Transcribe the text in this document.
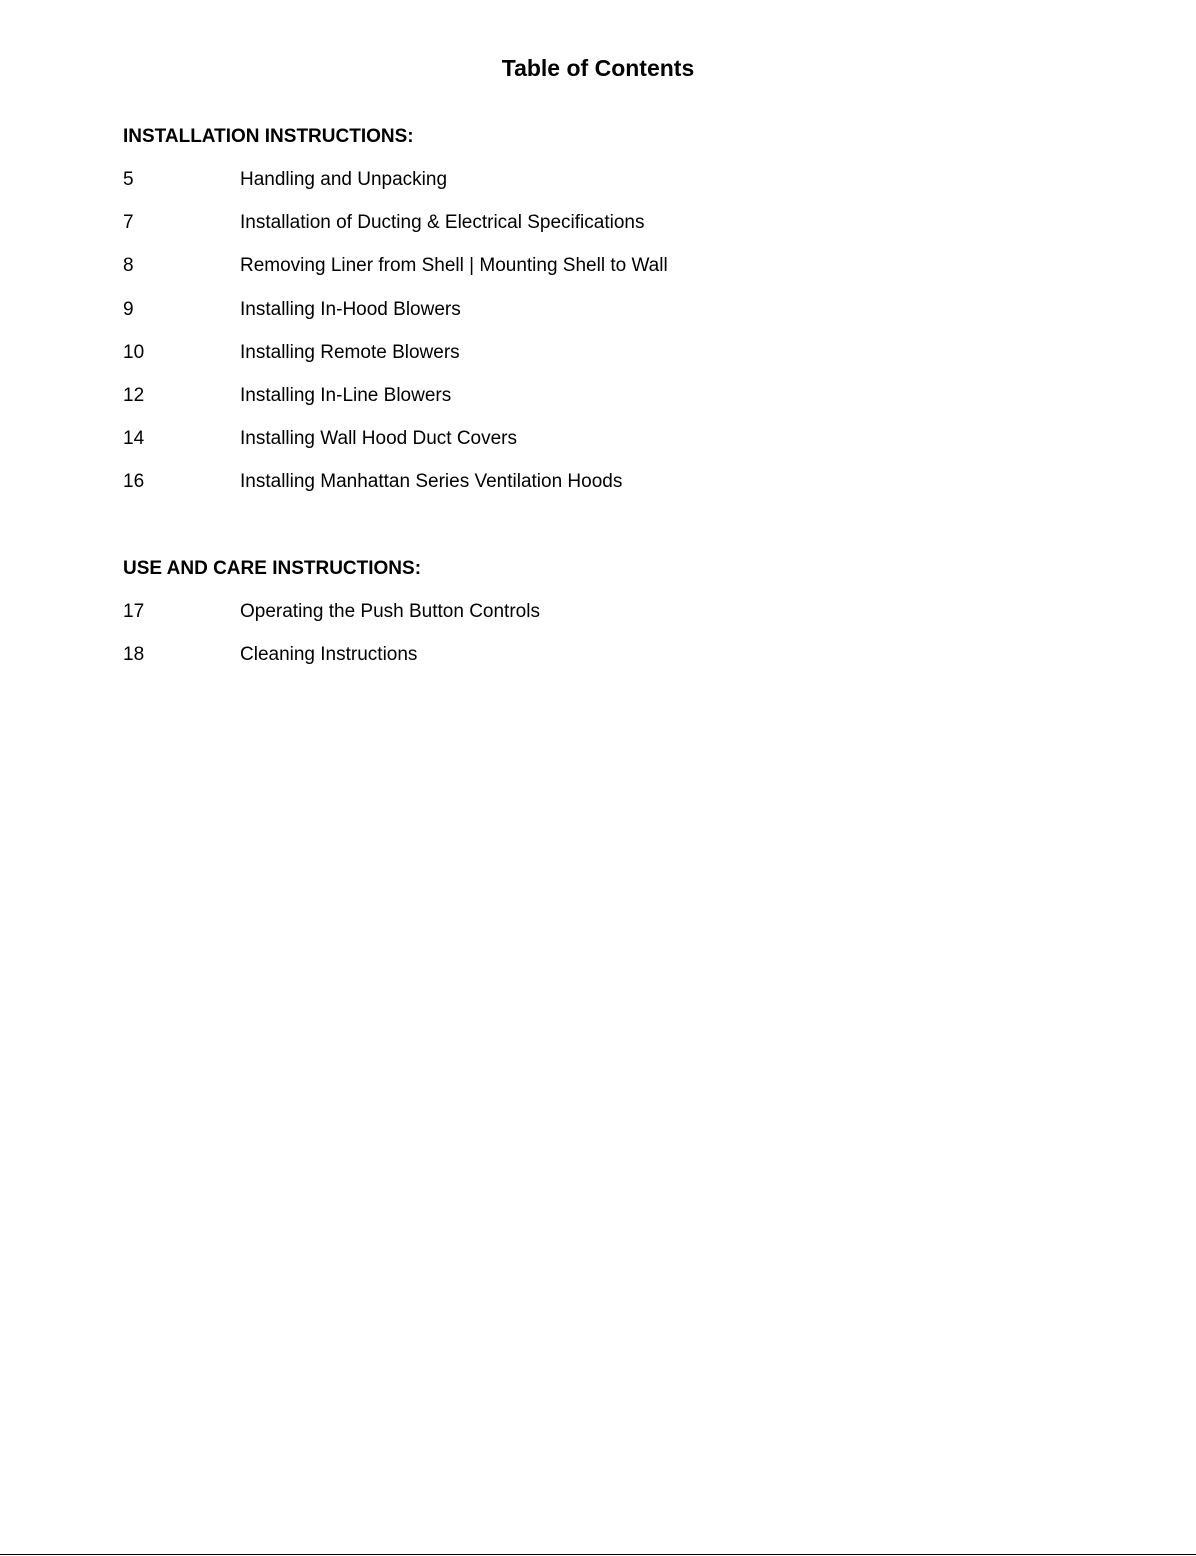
Table of Contents
INSTALLATION INSTRUCTIONS:
5	Handling and Unpacking
7	Installation of Ducting & Electrical Specifications
8	Removing Liner from Shell | Mounting Shell to Wall
9	Installing In-Hood Blowers
10	Installing Remote Blowers
12	Installing In-Line Blowers
14	Installing Wall Hood Duct Covers
16	Installing Manhattan Series Ventilation Hoods
USE AND CARE INSTRUCTIONS:
17	Operating the Push Button Controls
18	Cleaning Instructions
